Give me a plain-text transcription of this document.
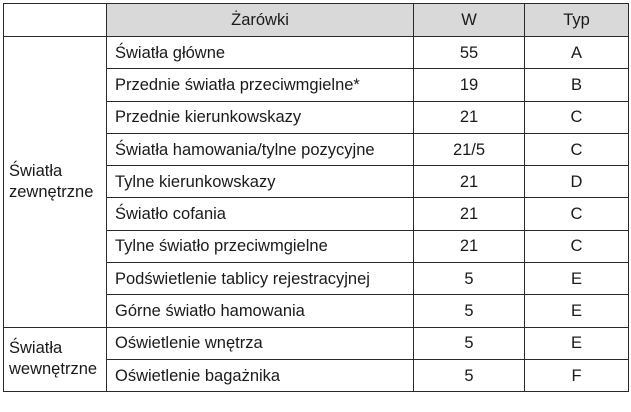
	Żarówki	W	Typ

Światła
zewnętrzne	Światła główne	55	A
	Przednie światła przeciwmgielne*	19	B
	Przednie kierunkowskazy	21	C
	Światła hamowania/tylne pozycyjne	21/5	C
	Tylne kierunkowskazy	21	D
	Światło cofania	21	C
	Tylne światło przeciwmgielne	21	C
	Podświetlenie tablicy rejestracyjnej	5	E
	Górne światło hamowania	5	E

Światła
wewnętrzne	Oświetlenie wnętrza	5	E
	Oświetlenie bagażnika	5	F
